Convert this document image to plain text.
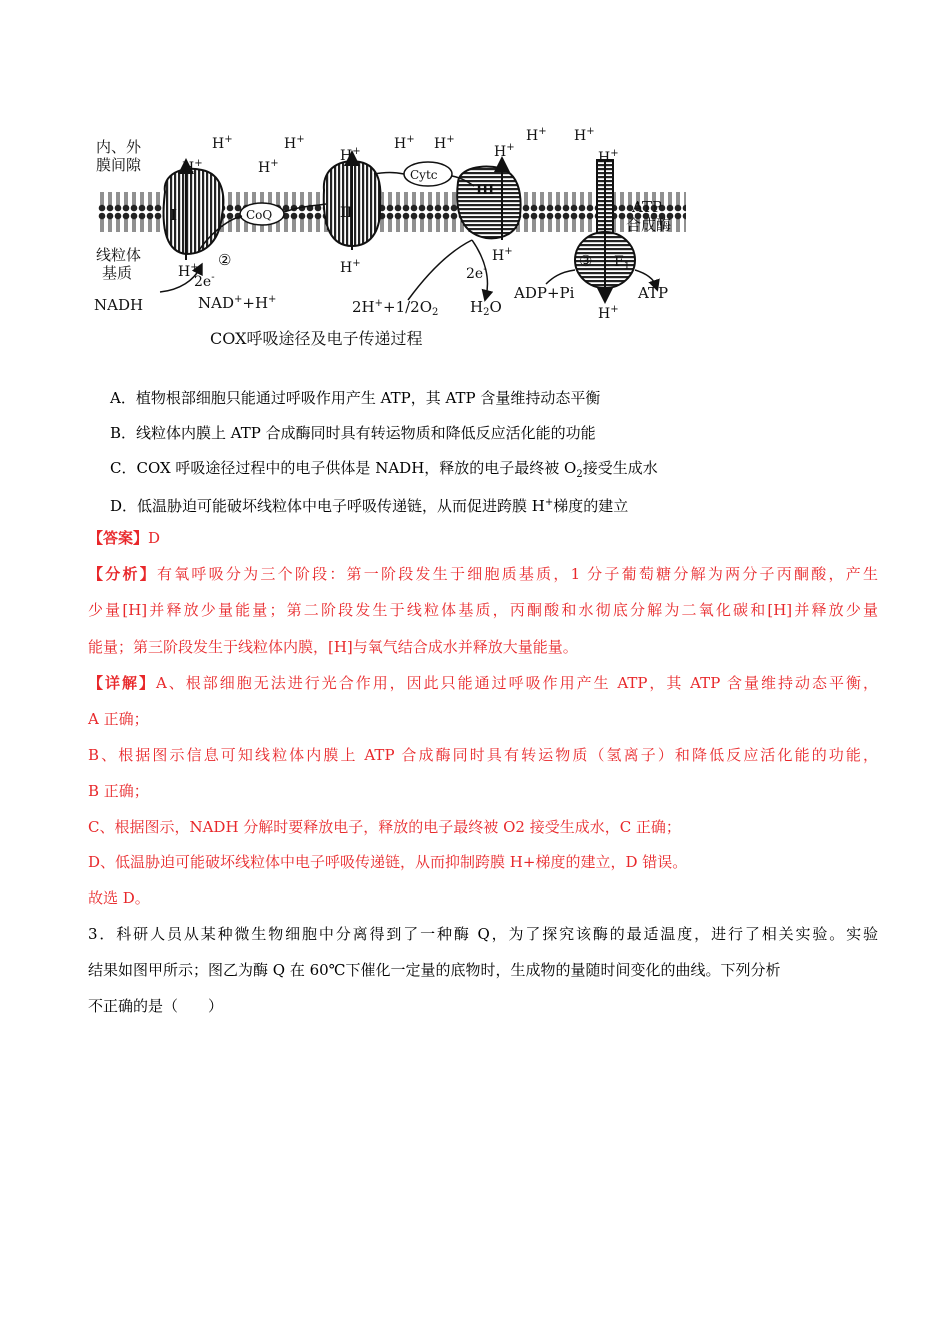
内、外
膜间隙
线粒体
基质
I	CoQ	II
Cytc
III
③ $F_1$
ATP
合成酶
②
H+	H+
H+	H+	H+ H+ H+
H+
H+ H+
H+
H+	H+	H+
H+
2e-	2e-
NADH	NAD++H+	$2H^++1/2O_2$ $H_2O$
ADP+Pi	ATP
COX呼吸途径及电子传递过程
A．植物根部细胞只能通过呼吸作用产生 ATP，其 ATP 含量维持动态平衡
B．线粒体内膜上 ATP 合成酶同时具有转运物质和降低反应活化能的功能
C．COX 呼吸途径过程中的电子供体是 NADH，释放的电子最终被 $O_2$接受生成水
D．低温胁迫可能破坏线粒体中电子呼吸传递链，从而促进跨膜 H+梯度的建立
【答案】D
【分析】有氧呼吸分为三个阶段：第一阶段发生于细胞质基质，1 分子葡萄糖分解为两分子丙酮酸，产生
少量[H]并释放少量能量；第二阶段发生于线粒体基质，丙酮酸和水彻底分解为二氧化碳和[H]并释放少量
能量；第三阶段发生于线粒体内膜，[H]与氧气结合成水并释放大量能量。
【详解】A、根部细胞无法进行光合作用，因此只能通过呼吸作用产生 ATP，其 ATP 含量维持动态平衡，
A 正确；
B、根据图示信息可知线粒体内膜上 ATP 合成酶同时具有转运物质（氢离子）和降低反应活化能的功能，
B 正确；
C、根据图示，NADH 分解时要释放电子，释放的电子最终被 O2 接受生成水，C 正确；
D、低温胁迫可能破坏线粒体中电子呼吸传递链，从而抑制跨膜 H+梯度的建立，D 错误。
故选 D。
3．科研人员从某种微生物细胞中分离得到了一种酶 Q，为了探究该酶的最适温度，进行了相关实验。实验
结果如图甲所示；图乙为酶 Q 在 60℃下催化一定量的底物时，生成物的量随时间变化的曲线。下列分析
不正确的是（　　）
